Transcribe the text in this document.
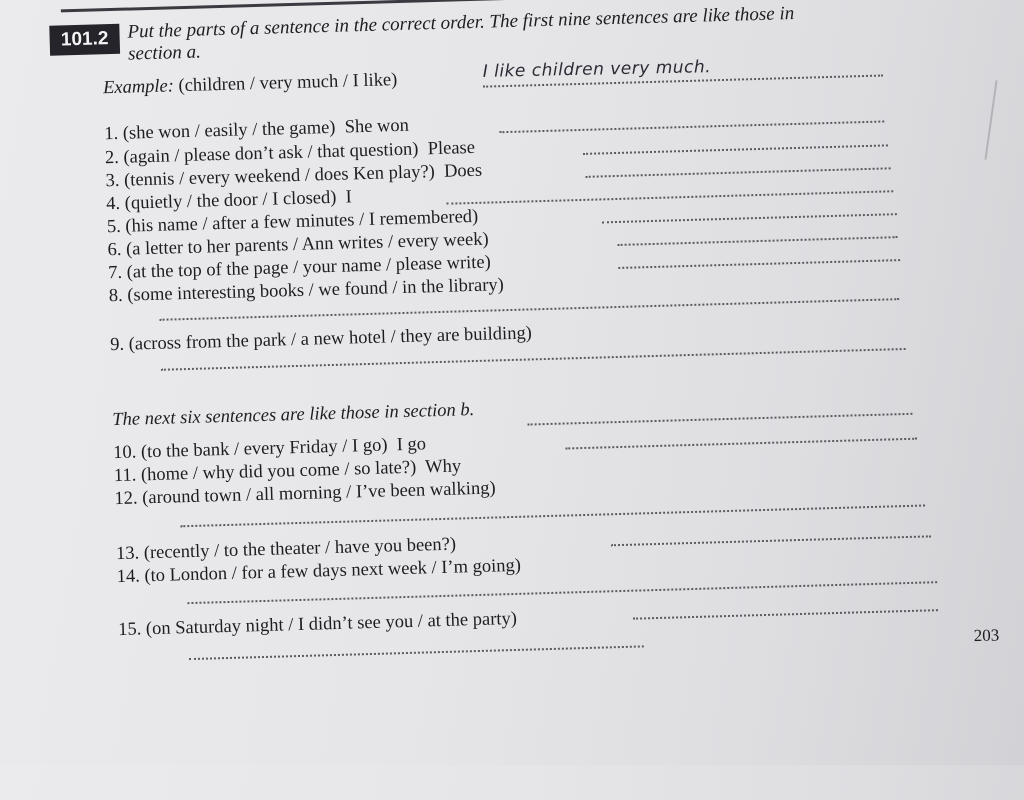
101.2 Put the parts of a sentence in the correct order. The first nine sentences are like those in
section a.
Example: (children / very much / I like)
I like children very much.
1. (she won / easily / the game) She won
2. (again / please don’t ask / that question) Please
3. (tennis / every weekend / does Ken play?) Does
4. (quietly / the door / I closed) I
5. (his name / after a few minutes / I remembered)
6. (a letter to her parents / Ann writes / every week)
7. (at the top of the page / your name / please write)
8. (some interesting books / we found / in the library)
9. (across from the park / a new hotel / they are building)
The next six sentences are like those in section b.
10. (to the bank / every Friday / I go) I go
11. (home / why did you come / so late?) Why
12. (around town / all morning / I’ve been walking)
13. (recently / to the theater / have you been?)
14. (to London / for a few days next week / I’m going)
15. (on Saturday night / I didn’t see you / at the party)	203
